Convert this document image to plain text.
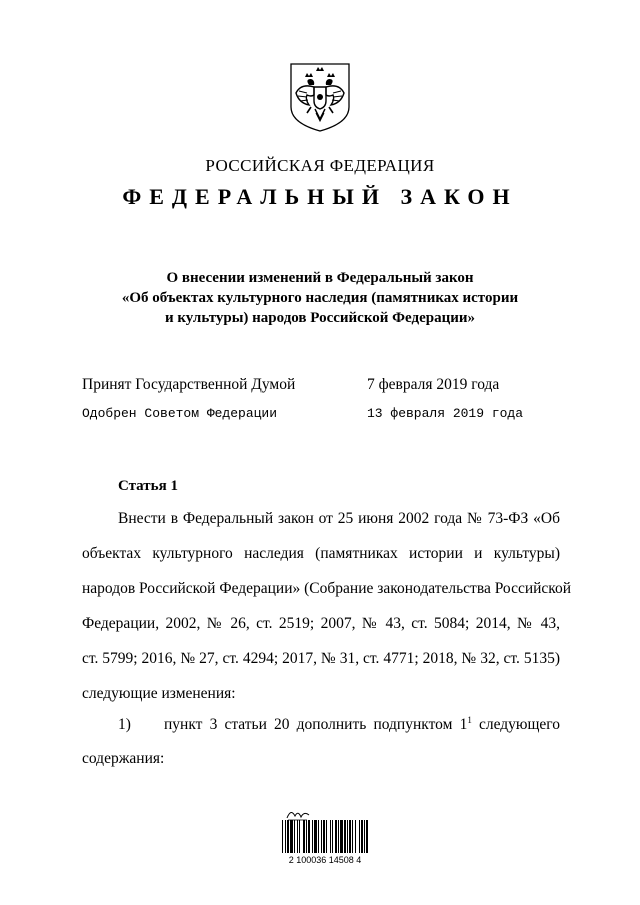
РОССИЙСКАЯ ФЕДЕРАЦИЯ
ФЕДЕРАЛЬНЫЙ ЗАКОН
О внесении изменений в Федеральный закон
«Об объектах культурного наследия (памятниках истории
и культуры) народов Российской Федерации»
Принят Государственной Думой	7 февраля 2019 года
Одобрен Советом Федерации	13 февраля 2019 года
Статья 1
Внести в Федеральный закон от 25 июня 2002 года № 73-ФЗ «Об
объектах культурного наследия (памятниках истории и культуры)
народов Российской Федерации» (Собрание законодательства Российской
Федерации, 2002, № 26, ст. 2519; 2007, № 43, ст. 5084; 2014, № 43,
ст. 5799; 2016, № 27, ст. 4294; 2017, № 31, ст. 4771; 2018, № 32, ст. 5135)
следующие изменения:
1) пункт 3 статьи 20 дополнить подпунктом $1^1$ следующего
содержания:
2 100036 14508 4
